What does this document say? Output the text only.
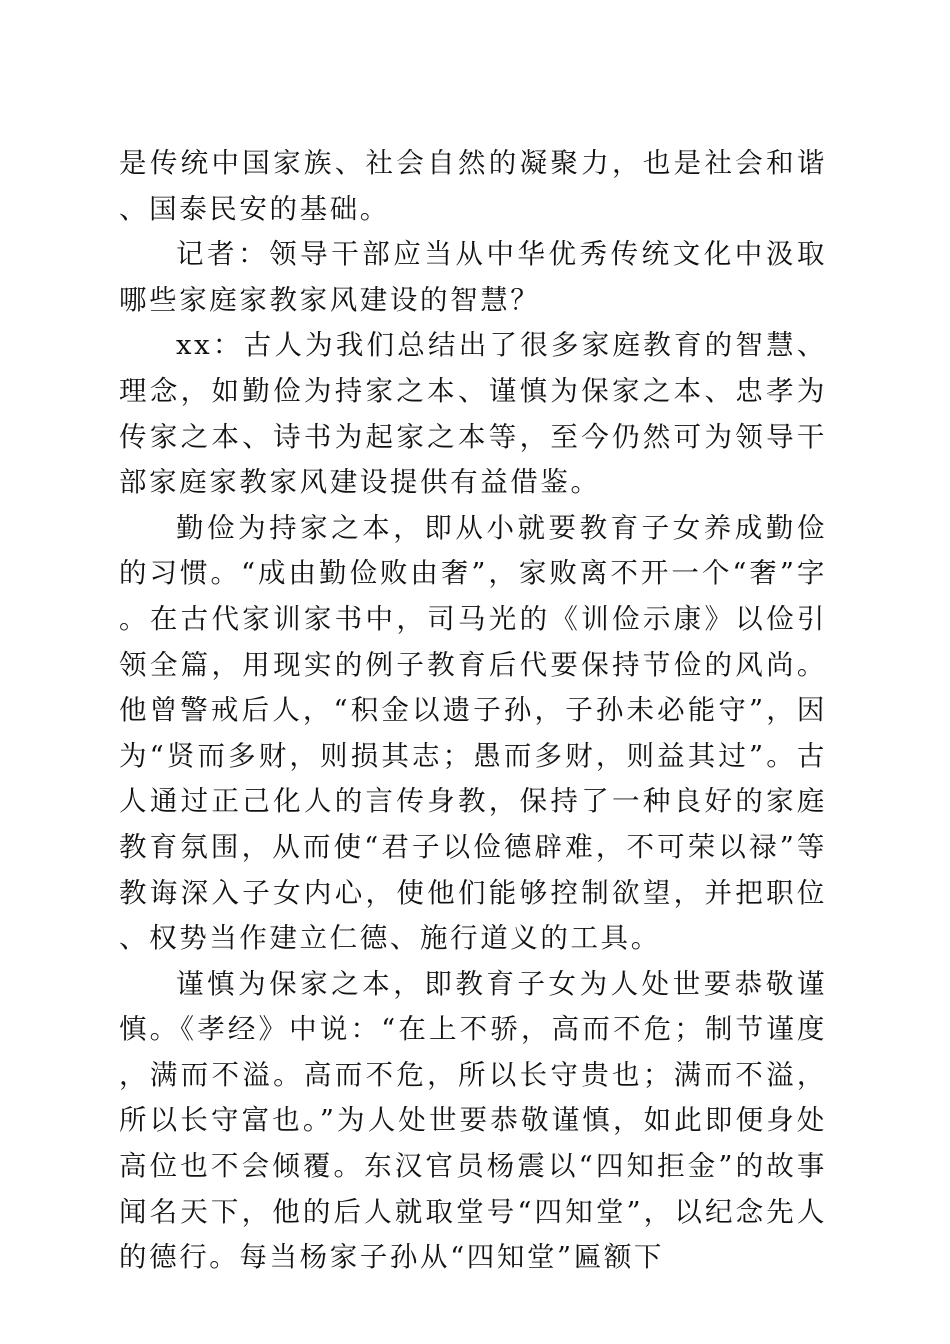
是传统中国家族、社会自然的凝聚力，也是社会和谐、国泰民安的基础。

记者：领导干部应当从中华优秀传统文化中汲取哪些家庭家教家风建设的智慧？

xx：古人为我们总结出了很多家庭教育的智慧、理念，如勤俭为持家之本、谨慎为保家之本、忠孝为传家之本、诗书为起家之本等，至今仍然可为领导干部家庭家教家风建设提供有益借鉴。

勤俭为持家之本，即从小就要教育子女养成勤俭的习惯。“成由勤俭败由奢”，家败离不开一个“奢”字。在古代家训家书中，司马光的《训俭示康》以俭引领全篇，用现实的例子教育后代要保持节俭的风尚。他曾警戒后人，“积金以遗子孙，子孙未必能守”，因为“贤而多财，则损其志；愚而多财，则益其过”。古人通过正己化人的言传身教，保持了一种良好的家庭教育氛围，从而使“君子以俭德辟难，不可荣以禄”等教诲深入子女内心，使他们能够控制欲望，并把职位、权势当作建立仁德、施行道义的工具。

谨慎为保家之本，即教育子女为人处世要恭敬谨慎。《孝经》中说：“在上不骄，高而不危；制节谨度，满而不溢。高而不危，所以长守贵也；满而不溢，所以长守富也。”为人处世要恭敬谨慎，如此即便身处高位也不会倾覆。东汉官员杨震以“四知拒金”的故事闻名天下，他的后人就取堂号“四知堂”，以纪念先人的德行。每当杨家子孙从“四知堂”匾额下
